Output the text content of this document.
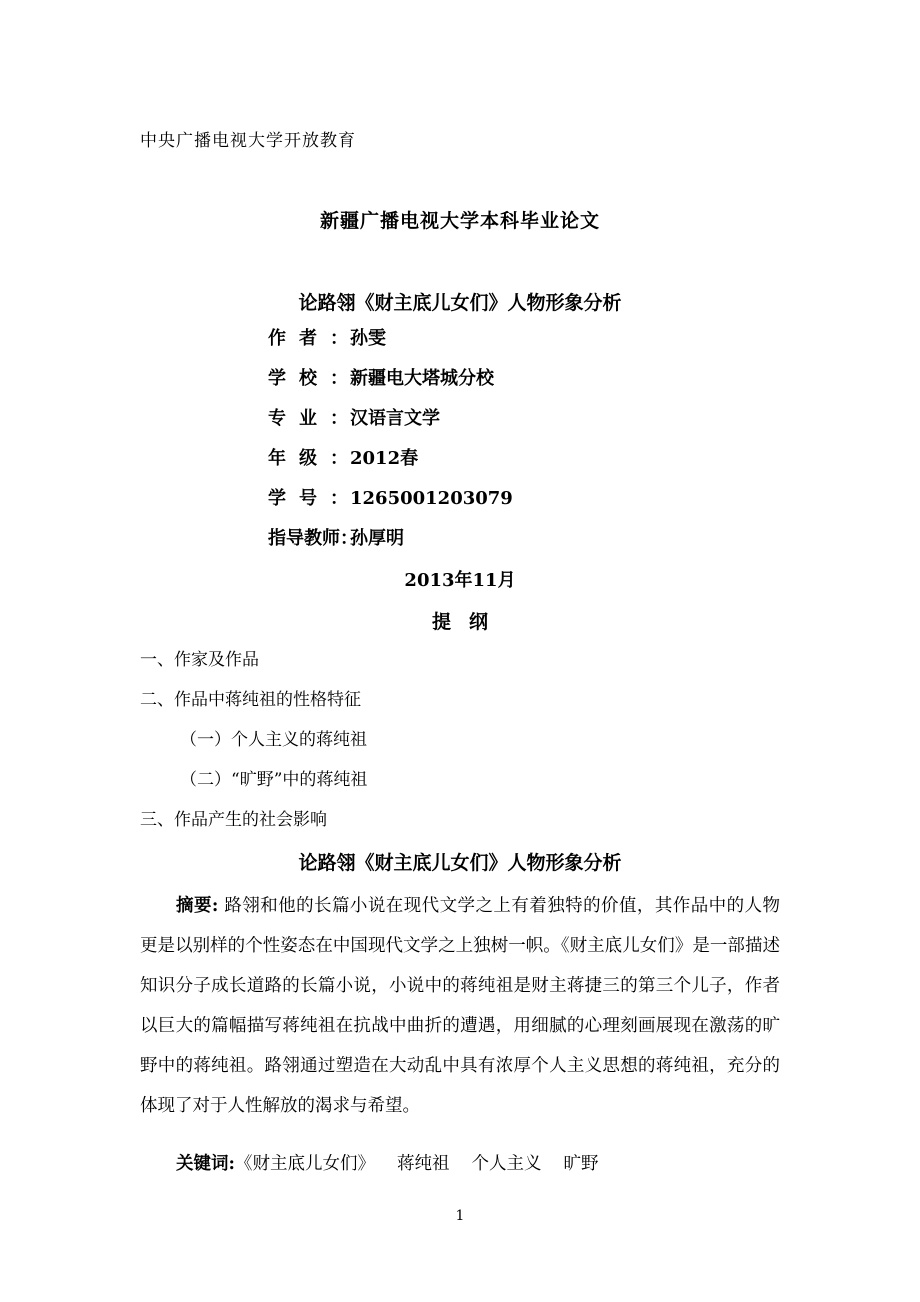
中央广播电视大学开放教育
新疆广播电视大学本科毕业论文
论路翎《财主底儿女们》人物形象分析
作者： 孙雯
学校： 新疆电大塔城分校
专业： 汉语言文学
年级： 2012春
学号： 1265001203079
指导教师：孙厚明
2013年11月
提纲
一、作家及作品
二、作品中蒋纯祖的性格特征
（一）个人主义的蒋纯祖
（二）“旷野”中的蒋纯祖
三、作品产生的社会影响
论路翎《财主底儿女们》人物形象分析
摘要: 路翎和他的长篇小说在现代文学之上有着独特的价值，其作品中的人物更是以别样的个性姿态在中国现代文学之上独树一帜。《财主底儿女们》是一部描述知识分子成长道路的长篇小说，小说中的蒋纯祖是财主蒋捷三的第三个儿子，作者以巨大的篇幅描写蒋纯祖在抗战中曲折的遭遇，用细腻的心理刻画展现在激荡的旷野中的蒋纯祖。路翎通过塑造在大动乱中具有浓厚个人主义思想的蒋纯祖，充分的体现了对于人性解放的渴求与希望。
关键词:《财主底儿女们》 蒋纯祖 个人主义 旷野
1
